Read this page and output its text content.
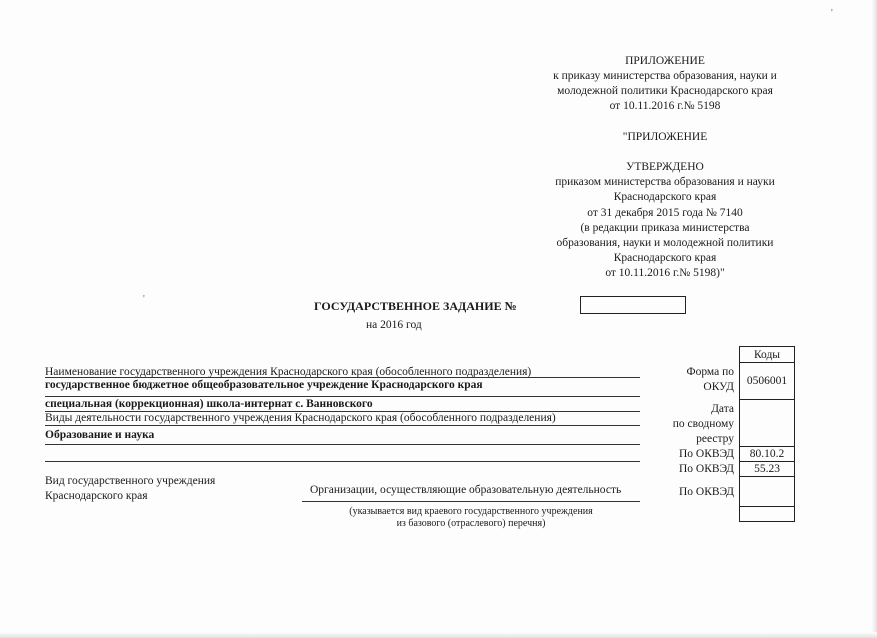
ПРИЛОЖЕНИЕ
к приказу министерства образования, науки и
молодежной политики Краснодарского края
от 10.11.2016 г.№ 5198
"ПРИЛОЖЕНИЕ
УТВЕРЖДЕНО
приказом министерства образования и науки
Краснодарского края
от 31 декабря 2015 года № 7140
(в редакции приказа министерства
образования, науки и молодежной политики
Краснодарского края
от 10.11.2016 г.№ 5198)"
ГОСУДАРСТВЕННОЕ ЗАДАНИЕ №
на 2016 год
'
'
Наименование государственного учреждения Краснодарского края (обособленного подразделения)
государственное бюджетное общеобразовательное учреждение Краснодарского края
специальная (коррекционная) школа-интернат с. Ванновского
Виды деятельности государственного учреждения Краснодарского края (обособленного подразделения)
Образование и наука
Вид государственного учреждения
Краснодарского края	Организации, осуществляющие образовательную деятельность
(указывается вид краевого государственного учреждения
из базового (отраслевого) перечня)
Форма по
ОКУД
Дата
по сводному
реестру
По ОКВЭД
По ОКВЭД
По ОКВЭД
Коды
0506001
80.10.2
55.23
